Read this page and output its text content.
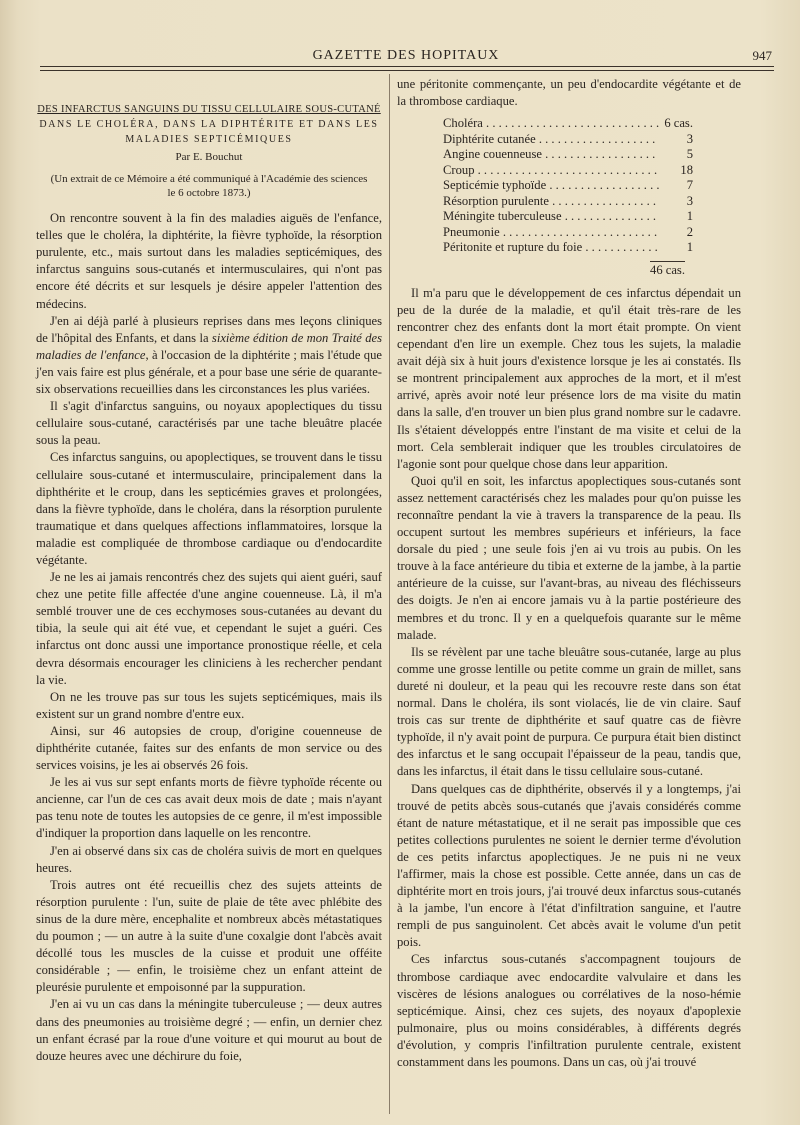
GAZETTE DES HOPITAUX	947
DES INFARCTUS SANGUINS DU TISSU CELLULAIRE SOUS-CUTANÉ
DANS LE CHOLÉRA, DANS LA DIPHTÉRITE ET DANS LES MALADIES SEPTICÉMIQUES
Par E. Bouchut
(Un extrait de ce Mémoire a été communiqué à l'Académie des sciences le 6 octobre 1873.)

On rencontre souvent à la fin des maladies aiguës de l'enfance, telles que le choléra, la diphtérite, la fièvre typhoïde, la résorption purulente, etc., mais surtout dans les maladies septicémiques, des infarctus sanguins sous-cutanés et intermusculaires, qui n'ont pas encore été décrits et sur lesquels je désire appeler l'attention des médecins.

J'en ai déjà parlé à plusieurs reprises dans mes leçons cliniques de l'hôpital des Enfants, et dans la sixième édition de mon Traité des maladies de l'enfance, à l'occasion de la diphtérite ; mais l'étude que j'en vais faire est plus générale, et a pour base une série de quarante-six observations recueillies dans les circonstances les plus variées.

Il s'agit d'infarctus sanguins, ou noyaux apoplectiques du tissu cellulaire sous-cutané, caractérisés par une tache bleuâtre placée sous la peau.

Ces infarctus sanguins, ou apoplectiques, se trouvent dans le tissu cellulaire sous-cutané et intermusculaire, principalement dans la diphthérite et le croup, dans les septicémies graves et prolongées, dans la fièvre typhoïde, dans le choléra, dans la résorption purulente traumatique et dans quelques affections inflammatoires, lorsque la maladie est compliquée de thrombose cardiaque ou d'endocardite végétante.

Je ne les ai jamais rencontrés chez des sujets qui aient guéri, sauf chez une petite fille affectée d'une angine couenneuse. Là, il m'a semblé trouver une de ces ecchymoses sous-cutanées au devant du tibia, la seule qui ait été vue, et cependant le sujet a guéri. Ces infarctus ont donc aussi une importance pronostique réelle, et cela devra désormais encourager les cliniciens à les rechercher pendant la vie.

On ne les trouve pas sur tous les sujets septicémiques, mais ils existent sur un grand nombre d'entre eux.

Ainsi, sur 46 autopsies de croup, d'origine couenneuse de diphthérite cutanée, faites sur des enfants de mon service ou des services voisins, je les ai observés 26 fois.

Je les ai vus sur sept enfants morts de fièvre typhoïde récente ou ancienne, car l'un de ces cas avait deux mois de date ; mais n'ayant pas tenu note de toutes les autopsies de ce genre, il m'est impossible d'indiquer la proportion dans laquelle on les rencontre.

J'en ai observé dans six cas de choléra suivis de mort en quelques heures.

Trois autres ont été recueillis chez des sujets atteints de résorption purulente : l'un, suite de plaie de tête avec phlébite des sinus de la dure mère, encephalite et nombreux abcès métastatiques du poumon ; — un autre à la suite d'une coxalgie dont l'abcès avait décollé tous les muscles de la cuisse et produit une offéite considérable ; — enfin, le troisième chez un enfant atteint de pleurésie purulente et empoisonné par la suppuration.

J'en ai vu un cas dans la méningite tuberculeuse ; — deux autres dans des pneumonies au troisième degré ; — enfin, un dernier chez un enfant écrasé par la roue d'une voiture et qui mourut au bout de douze heures avec une déchirure du foie,

une péritonite commençante, un peu d'endocardite végétante et de la thrombose cardiaque.

Choléra . . .	6 cas.
Diphtérite cutanée . . .	3
Angine couenneuse . . .	5
Croup . . .	18
Septicémie typhoïde . . .	7
Résorption purulente . . .	3
Méningite tuberculeuse . . .	1
Pneumonie . . .	2
Péritonite et rupture du foie . . .	1
46 cas.

Il m'a paru que le développement de ces infarctus dépendait un peu de la durée de la maladie, et qu'il était très-rare de les rencontrer chez des enfants dont la mort était prompte. On vient cependant d'en lire un exemple. Chez tous les sujets, la maladie avait déjà six à huit jours d'existence lorsque je les ai constatés. Ils se montrent principalement aux approches de la mort, et il m'est arrivé, après avoir noté leur présence lors de ma visite du matin dans la salle, d'en trouver un bien plus grand nombre sur le cadavre. Ils s'étaient développés entre l'instant de ma visite et celui de la mort. Cela semblerait indiquer que les troubles circulatoires de l'agonie sont pour quelque chose dans leur apparition.

Quoi qu'il en soit, les infarctus apoplectiques sous-cutanés sont assez nettement caractérisés chez les malades pour qu'on puisse les reconnaître pendant la vie à travers la transparence de la peau. Ils occupent surtout les membres supérieurs et inférieurs, la face dorsale du pied ; une seule fois j'en ai vu trois au pubis. On les trouve à la face antérieure du tibia et externe de la jambe, à la partie antérieure de la cuisse, sur l'avant-bras, au niveau des fléchisseurs des doigts. Je n'en ai encore jamais vu à la partie postérieure des membres et du tronc. Il y en a quelquefois quarante sur le même malade.

Ils se révèlent par une tache bleuâtre sous-cutanée, large au plus comme une grosse lentille ou petite comme un grain de millet, sans dureté ni douleur, et la peau qui les recouvre reste dans son état normal. Dans le choléra, ils sont violacés, lie de vin claire. Sauf trois cas sur trente de diphthérite et sauf quatre cas de fièvre typhoïde, il n'y avait point de purpura. Ce purpura était bien distinct des infarctus et le sang occupait l'épaisseur de la peau, tandis que, dans les infarctus, il était dans le tissu cellulaire sous-cutané.

Dans quelques cas de diphthérite, observés il y a longtemps, j'ai trouvé de petits abcès sous-cutanés que j'avais considérés comme étant de nature métastatique, et il ne serait pas impossible que ces petites collections purulentes ne soient le dernier terme d'évolution de ces petits infarctus apoplectiques. Je ne puis ni ne veux l'affirmer, mais la chose est possible. Cette année, dans un cas de diphtérite mort en trois jours, j'ai trouvé deux infarctus sous-cutanés à la jambe, l'un encore à l'état d'infiltration sanguine, et l'autre rempli de pus sanguinolent. Cet abcès avait le volume d'un petit pois.

Ces infarctus sous-cutanés s'accompagnent toujours de thrombose cardiaque avec endocardite valvulaire et dans les viscères de lésions analogues ou corrélatives de la noso-hémie septicémique. Ainsi, chez ces sujets, des noyaux d'apoplexie pulmonaire, plus ou moins considérables, à différents degrés d'évolution, y compris l'infiltration purulente centrale, existent constamment dans les poumons. Dans un cas, où j'ai trouvé
